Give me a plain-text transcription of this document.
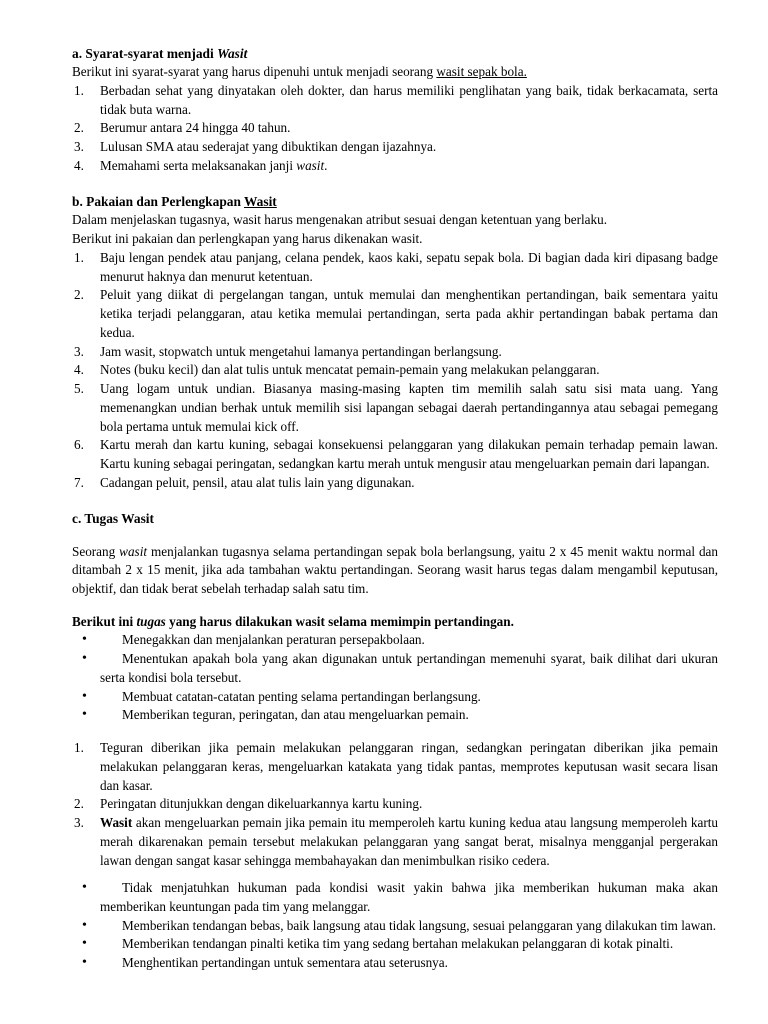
a. Syarat-syarat menjadi Wasit

Berikut ini syarat-syarat yang harus dipenuhi untuk menjadi seorang wasit sepak bola.

1.	Berbadan sehat yang dinyatakan oleh dokter, dan harus memiliki penglihatan yang baik, tidak berkacamata, serta tidak buta warna.
2.	Berumur antara 24 hingga 40 tahun.
3.	Lulusan SMA atau sederajat yang dibuktikan dengan ijazahnya.
4.	Memahami serta melaksanakan janji wasit.
b. Pakaian dan Perlengkapan Wasit

Dalam menjelaskan tugasnya, wasit harus mengenakan atribut sesuai dengan ketentuan yang berlaku.

Berikut ini pakaian dan perlengkapan yang harus dikenakan wasit.

1.	Baju lengan pendek atau panjang, celana pendek, kaos kaki, sepatu sepak bola. Di bagian dada kiri dipasang badge menurut haknya dan menurut ketentuan.
2.	Peluit yang diikat di pergelangan tangan, untuk memulai dan menghentikan pertandingan, baik sementara yaitu ketika terjadi pelanggaran, atau ketika memulai pertandingan, serta pada akhir pertandingan babak pertama dan kedua.
3.	Jam wasit, stopwatch untuk mengetahui lamanya pertandingan berlangsung.
4.	Notes (buku kecil) dan alat tulis untuk mencatat pemain-pemain yang melakukan pelanggaran.
5.	Uang logam untuk undian. Biasanya masing-masing kapten tim memilih salah satu sisi mata uang. Yang memenangkan undian berhak untuk memilih sisi lapangan sebagai daerah pertandingannya atau sebagai pemegang bola pertama untuk memulai kick off.
6.	Kartu merah dan kartu kuning, sebagai konsekuensi pelanggaran yang dilakukan pemain terhadap pemain lawan. Kartu kuning sebagai peringatan, sedangkan kartu merah untuk mengusir atau mengeluarkan pemain dari lapangan.
7.	Cadangan peluit, pensil, atau alat tulis lain yang digunakan.
c. Tugas Wasit

Seorang wasit menjalankan tugasnya selama pertandingan sepak bola berlangsung, yaitu 2 x 45 menit waktu normal dan ditambah 2 x 15 menit, jika ada tambahan waktu pertandingan. Seorang wasit harus tegas dalam mengambil keputusan, objektif, dan tidak berat sebelah terhadap salah satu tim.

Berikut ini tugas yang harus dilakukan wasit selama memimpin pertandingan.

•	Menegakkan dan menjalankan peraturan persepakbolaan.
•	Menentukan apakah bola yang akan digunakan untuk pertandingan memenuhi syarat, baik dilihat dari ukuran serta kondisi bola tersebut.
•	Membuat catatan-catatan penting selama pertandingan berlangsung.
•	Memberikan teguran, peringatan, dan atau mengeluarkan pemain.
1.	Teguran diberikan jika pemain melakukan pelanggaran ringan, sedangkan peringatan diberikan jika pemain melakukan pelanggaran keras, mengeluarkan katakata yang tidak pantas, memprotes keputusan wasit secara lisan dan kasar.
2.	Peringatan ditunjukkan dengan dikeluarkannya kartu kuning.
3.	Wasit akan mengeluarkan pemain jika pemain itu memperoleh kartu kuning kedua atau langsung memperoleh kartu merah dikarenakan pemain tersebut melakukan pelanggaran yang sangat berat, misalnya mengganjal pergerakan lawan dengan sangat kasar sehingga membahayakan dan menimbulkan risiko cedera.
•	Tidak menjatuhkan hukuman pada kondisi wasit yakin bahwa jika memberikan hukuman maka akan memberikan keuntungan pada tim yang melanggar.
•	Memberikan tendangan bebas, baik langsung atau tidak langsung, sesuai pelanggaran yang dilakukan tim lawan.
•	Memberikan tendangan pinalti ketika tim yang sedang bertahan melakukan pelanggaran di kotak pinalti.
•	Menghentikan pertandingan untuk sementara atau seterusnya.
